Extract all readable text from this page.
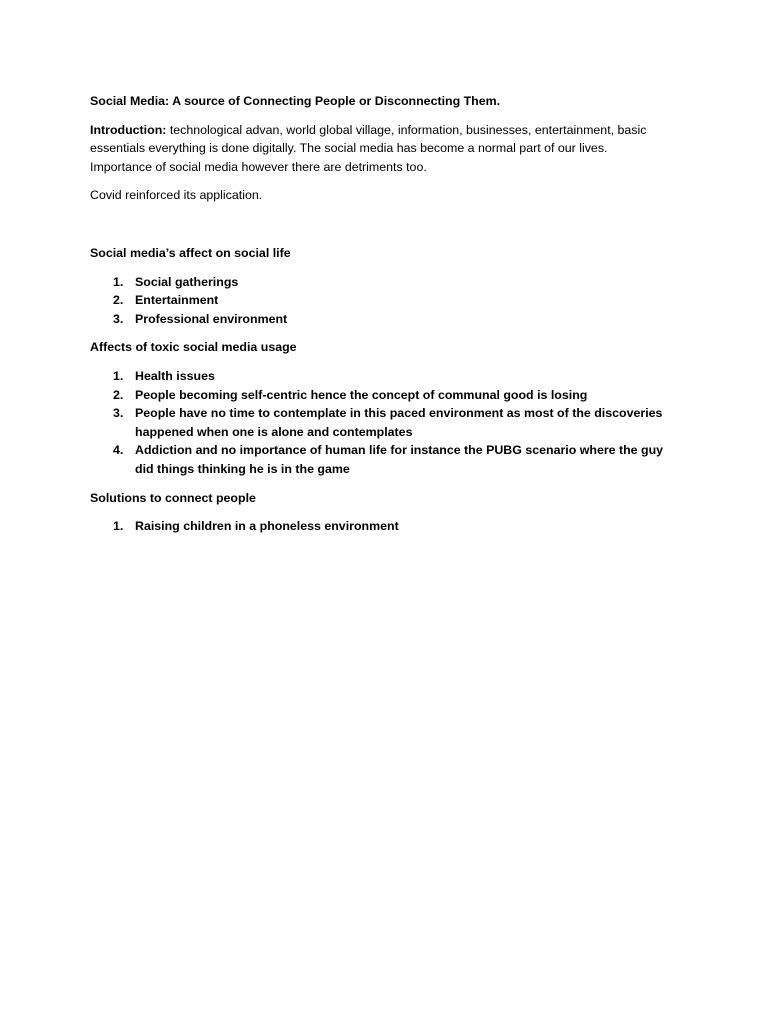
Social Media: A source of Connecting People or Disconnecting Them.
Introduction: technological advan, world global village, information, businesses, entertainment, basic essentials everything is done digitally. The social media has become a normal part of our lives. Importance of social media however there are detriments too.
Covid reinforced its application.
Social media’s affect on social life
1. Social gatherings
2. Entertainment
3. Professional environment
Affects of toxic social media usage
1. Health issues
2. People becoming self-centric hence the concept of communal good is losing
3. People have no time to contemplate in this paced environment as most of the discoveries happened when one is alone and contemplates
4. Addiction and no importance of human life for instance the PUBG scenario where the guy did things thinking he is in the game
Solutions to connect people
1. Raising children in a phoneless environment
